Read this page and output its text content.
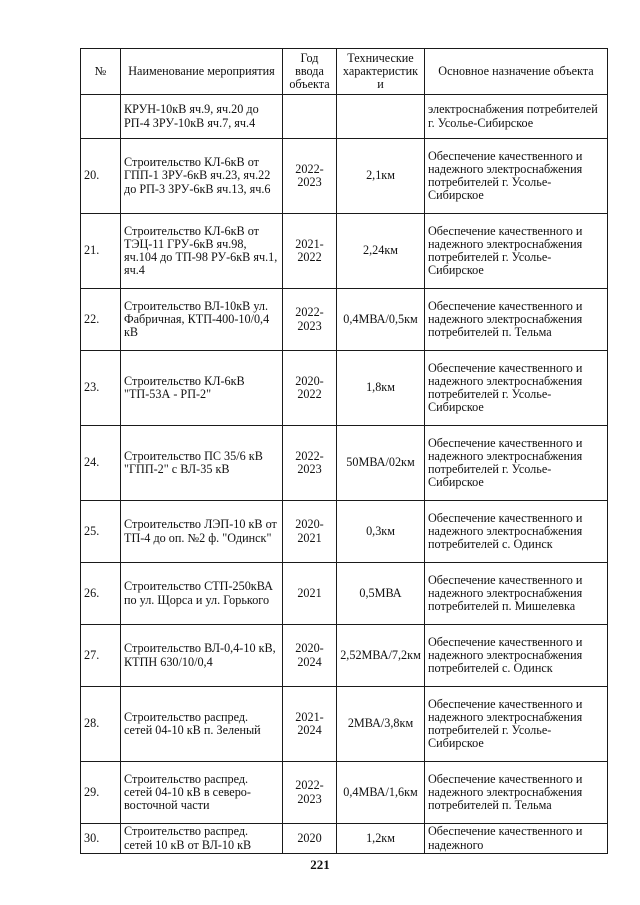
№	Наименование мероприятия	Год ввода объекта	Технические характеристик и	Основное назначение объекта
	КРУН-10кВ яч.9, яч.20 до РП-4 ЗРУ-10кВ яч.7, яч.4			электроснабжения потребителей г. Усолье-Сибирское
20.	Строительство КЛ-6кВ от ГПП-1 ЗРУ-6кВ яч.23, яч.22 до РП-3 ЗРУ-6кВ яч.13, яч.6	2022-2023	2,1км	Обеспечение качественного и надежного электроснабжения потребителей г. Усолье-Сибирское
21.	Строительство КЛ-6кВ от ТЭЦ-11 ГРУ-6кВ яч.98, яч.104 до ТП-98 РУ-6кВ яч.1, яч.4	2021-2022	2,24км	Обеспечение качественного и надежного электроснабжения потребителей г. Усолье-Сибирское
22.	Строительство ВЛ-10кВ ул. Фабричная, КТП-400-10/0,4 кВ	2022-2023	0,4МВА/0,5км	Обеспечение качественного и надежного электроснабжения потребителей п. Тельма
23.	Строительство КЛ-6кВ "ТП-53А - РП-2"	2020-2022	1,8км	Обеспечение качественного и надежного электроснабжения потребителей г. Усолье-Сибирское
24.	Строительство ПС 35/6 кВ "ГПП-2" с ВЛ-35 кВ	2022-2023	50МВА/02км	Обеспечение качественного и надежного электроснабжения потребителей г. Усолье-Сибирское
25.	Строительство ЛЭП-10 кВ от ТП-4 до оп. №2 ф. "Одинск"	2020-2021	0,3км	Обеспечение качественного и надежного электроснабжения потребителей с. Одинск
26.	Строительство СТП-250кВА по ул. Щорса и ул. Горького	2021	0,5МВА	Обеспечение качественного и надежного электроснабжения потребителей п. Мишелевка
27.	Строительство ВЛ-0,4-10 кВ, КТПН 630/10/0,4	2020-2024	2,52МВА/7,2км	Обеспечение качественного и надежного электроснабжения потребителей с. Одинск
28.	Строительство распред. сетей 04-10 кВ п. Зеленый	2021-2024	2МВА/3,8км	Обеспечение качественного и надежного электроснабжения потребителей г. Усолье-Сибирское
29.	Строительство распред. сетей 04-10 кВ в северо-восточной части	2022-2023	0,4МВА/1,6км	Обеспечение качественного и надежного электроснабжения потребителей п. Тельма
30.	Строительство распред. сетей 10 кВ от ВЛ-10 кВ	2020	1,2км	Обеспечение качественного и надежного
221
